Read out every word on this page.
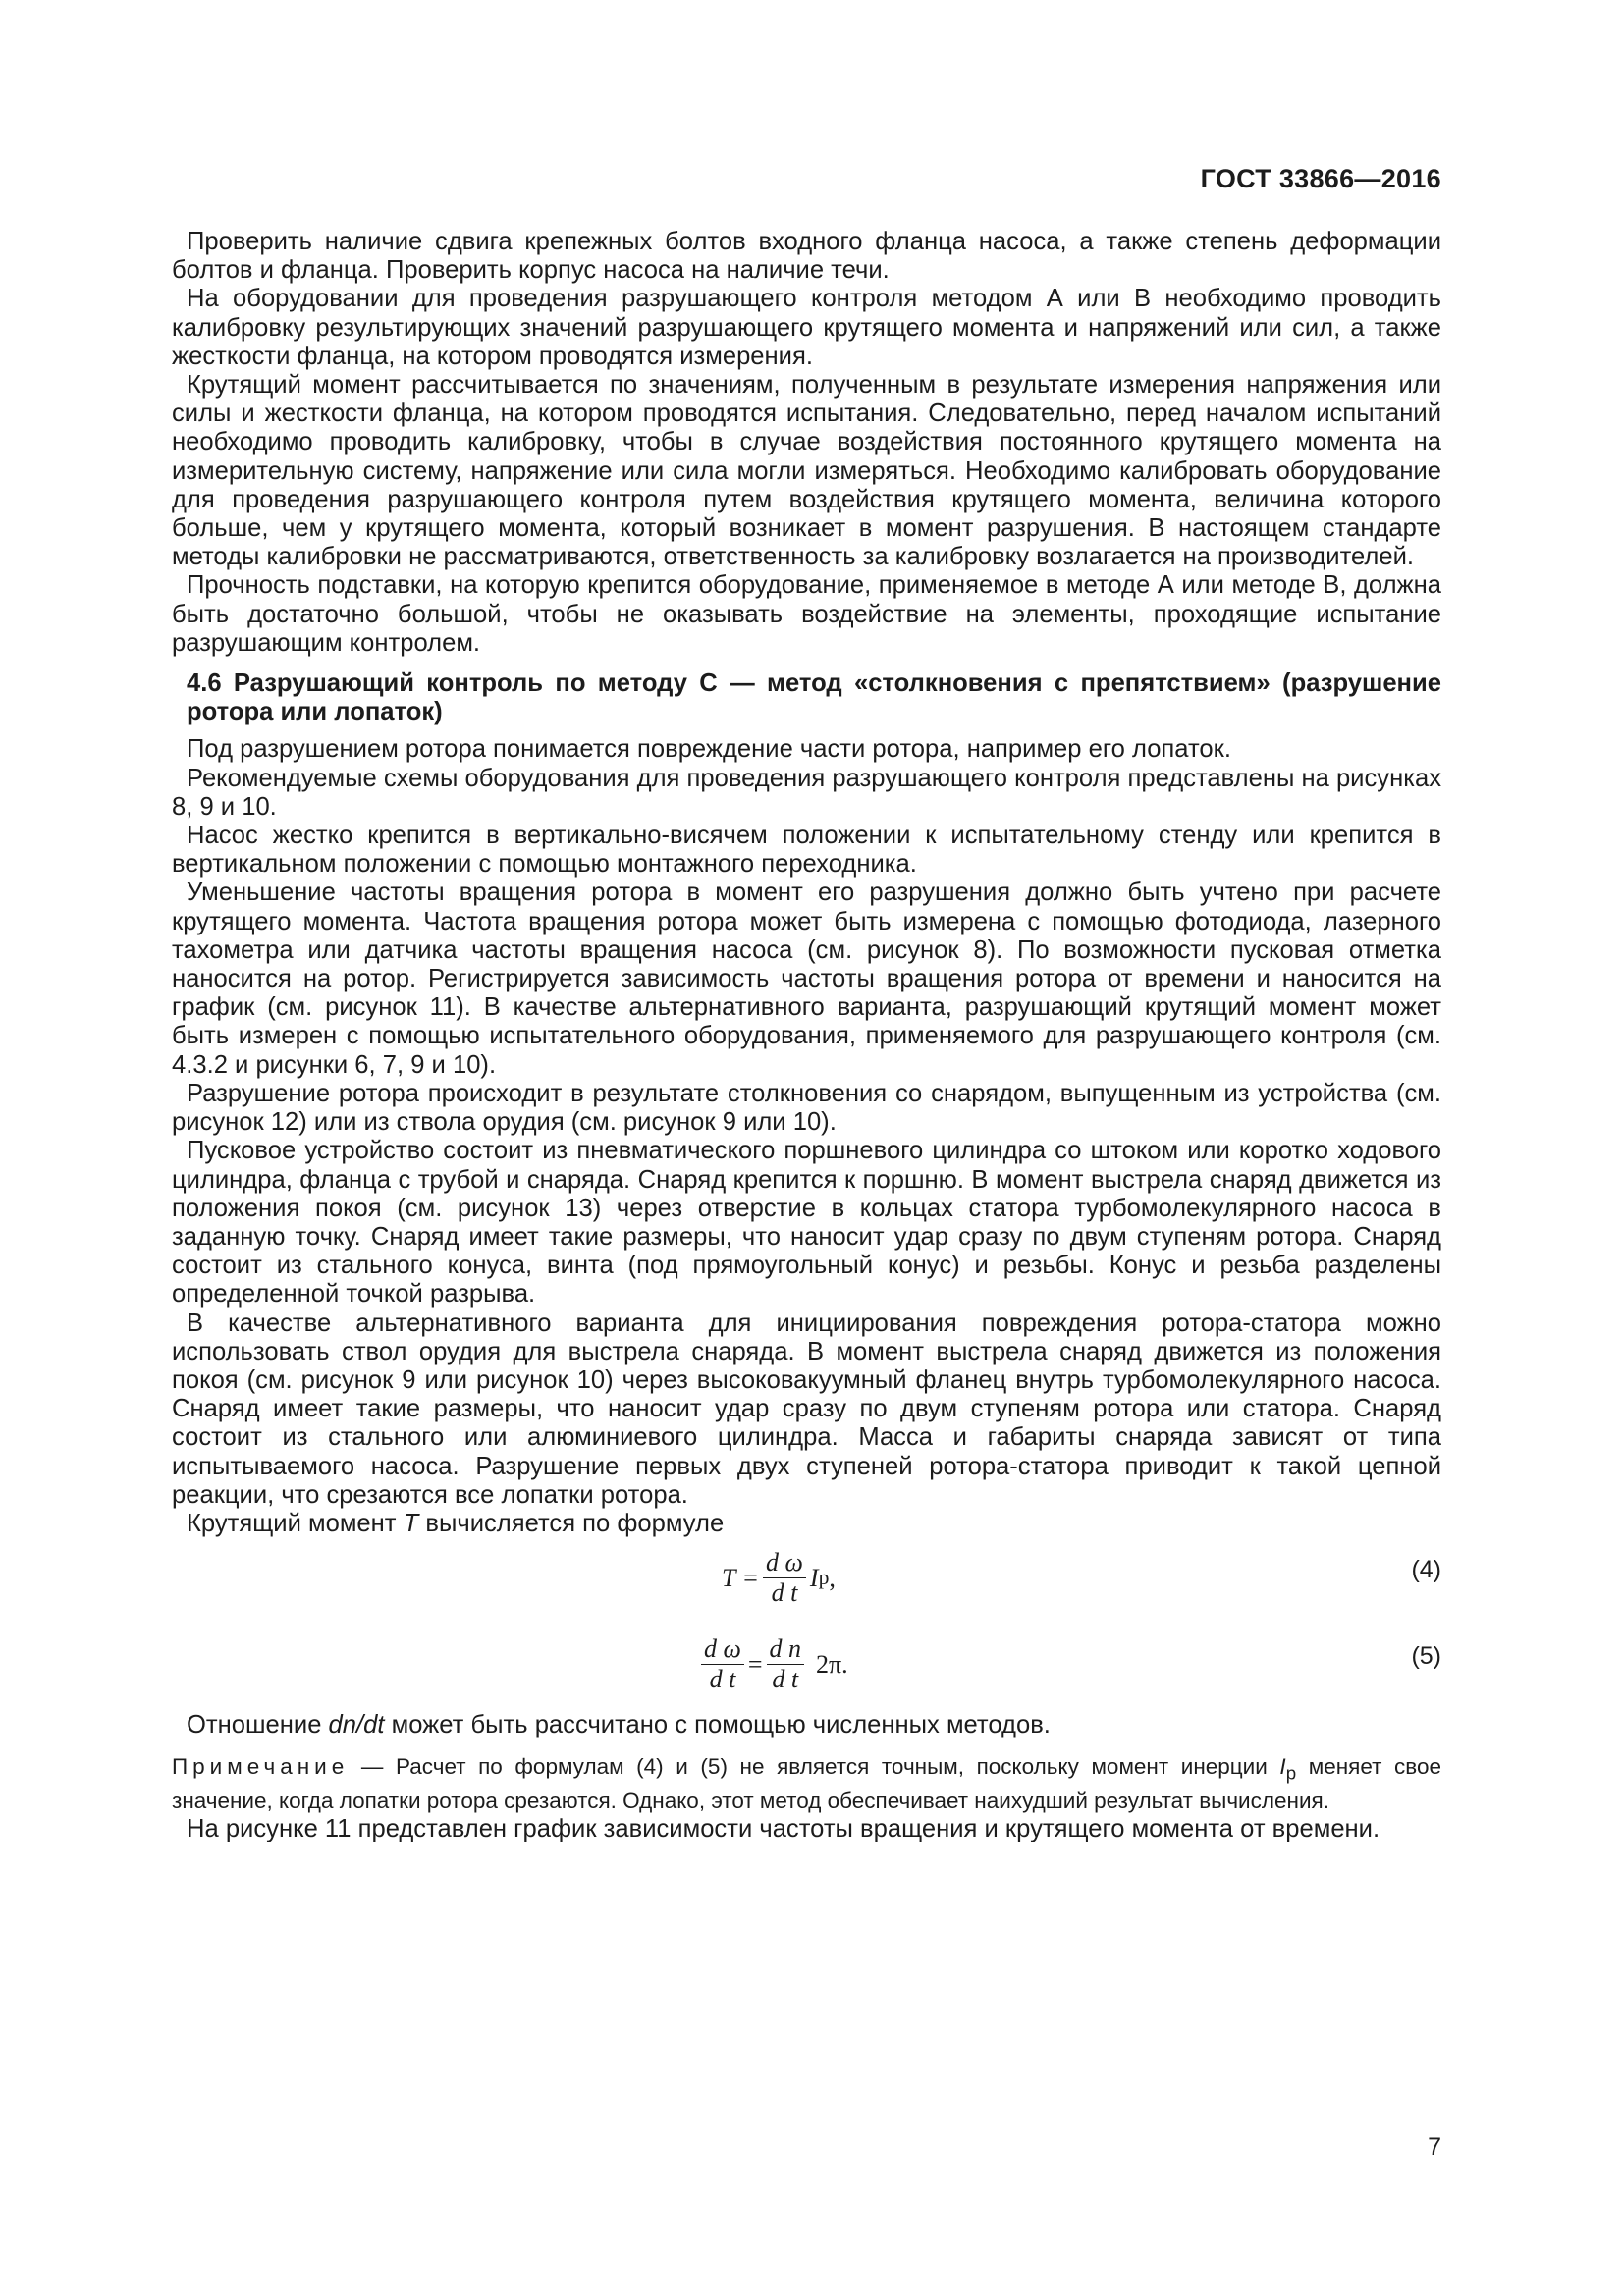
ГОСТ 33866—2016

Проверить наличие сдвига крепежных болтов входного фланца насоса, а также степень деформации болтов и фланца. Проверить корпус насоса на наличие течи.

На оборудовании для проведения разрушающего контроля методом А или В необходимо проводить калибровку результирующих значений разрушающего крутящего момента и напряжений или сил, а также жесткости фланца, на котором проводятся измерения.

Крутящий момент рассчитывается по значениям, полученным в результате измерения напряжения или силы и жесткости фланца, на котором проводятся испытания. Следовательно, перед началом испытаний необходимо проводить калибровку, чтобы в случае воздействия постоянного крутящего момента на измерительную систему, напряжение или сила могли измеряться. Необходимо калибровать оборудование для проведения разрушающего контроля путем воздействия крутящего момента, величина которого больше, чем у крутящего момента, который возникает в момент разрушения. В настоящем стандарте методы калибровки не рассматриваются, ответственность за калибровку возлагается на производителей.

Прочность подставки, на которую крепится оборудование, применяемое в методе А или методе В, должна быть достаточно большой, чтобы не оказывать воздействие на элементы, проходящие испытание разрушающим контролем.

4.6 Разрушающий контроль по методу С — метод «столкновения с препятствием» (разрушение ротора или лопаток)

Под разрушением ротора понимается повреждение части ротора, например его лопаток.

Рекомендуемые схемы оборудования для проведения разрушающего контроля представлены на рисунках 8, 9 и 10.

Насос жестко крепится в вертикально-висячем положении к испытательному стенду или крепится в вертикальном положении с помощью монтажного переходника.

Уменьшение частоты вращения ротора в момент его разрушения должно быть учтено при расчете крутящего момента. Частота вращения ротора может быть измерена с помощью фотодиода, лазерного тахометра или датчика частоты вращения насоса (см. рисунок 8). По возможности пусковая отметка наносится на ротор. Регистрируется зависимость частоты вращения ротора от времени и наносится на график (см. рисунок 11). В качестве альтернативного варианта, разрушающий крутящий момент может быть измерен с помощью испытательного оборудования, применяемого для разрушающего контроля (см. 4.3.2 и рисунки 6, 7, 9 и 10).

Разрушение ротора происходит в результате столкновения со снарядом, выпущенным из устройства (см. рисунок 12) или из ствола орудия (см. рисунок 9 или 10).

Пусковое устройство состоит из пневматического поршневого цилиндра со штоком или коротко ходового цилиндра, фланца с трубой и снаряда. Снаряд крепится к поршню. В момент выстрела снаряд движется из положения покоя (см. рисунок 13) через отверстие в кольцах статора турбомолекулярного насоса в заданную точку. Снаряд имеет такие размеры, что наносит удар сразу по двум ступеням ротора. Снаряд состоит из стального конуса, винта (под прямоугольный конус) и резьбы. Конус и резьба разделены определенной точкой разрыва.

В качестве альтернативного варианта для инициирования повреждения ротора-статора можно использовать ствол орудия для выстрела снаряда. В момент выстрела снаряд движется из положения покоя (см. рисунок 9 или рисунок 10) через высоковакуумный фланец внутрь турбомолекулярного насоса. Снаряд имеет такие размеры, что наносит удар сразу по двум ступеням ротора или статора. Снаряд состоит из стального или алюминиевого цилиндра. Масса и габариты снаряда зависят от типа испытываемого насоса. Разрушение первых двух ступеней ротора-статора приводит к такой цепной реакции, что срезаются все лопатки ротора.

Крутящий момент T вычисляется по формуле

$T = \frac{\text{d ω}}{\text{d t}}$ I р ,	(4)
$\frac{\text{d ω}}{\text{d t}} = \frac{\text{d n}}{\text{d t}} 2\pi$.	(5)

Отношение dn/dt может быть рассчитано с помощью численных методов.

Примечание — Расчет по формулам (4) и (5) не является точным, поскольку момент инерции $I_р$ меняет свое значение, когда лопатки ротора срезаются. Однако, этот метод обеспечивает наихудший результат вычисления.

На рисунке 11 представлен график зависимости частоты вращения и крутящего момента от времени.

7
